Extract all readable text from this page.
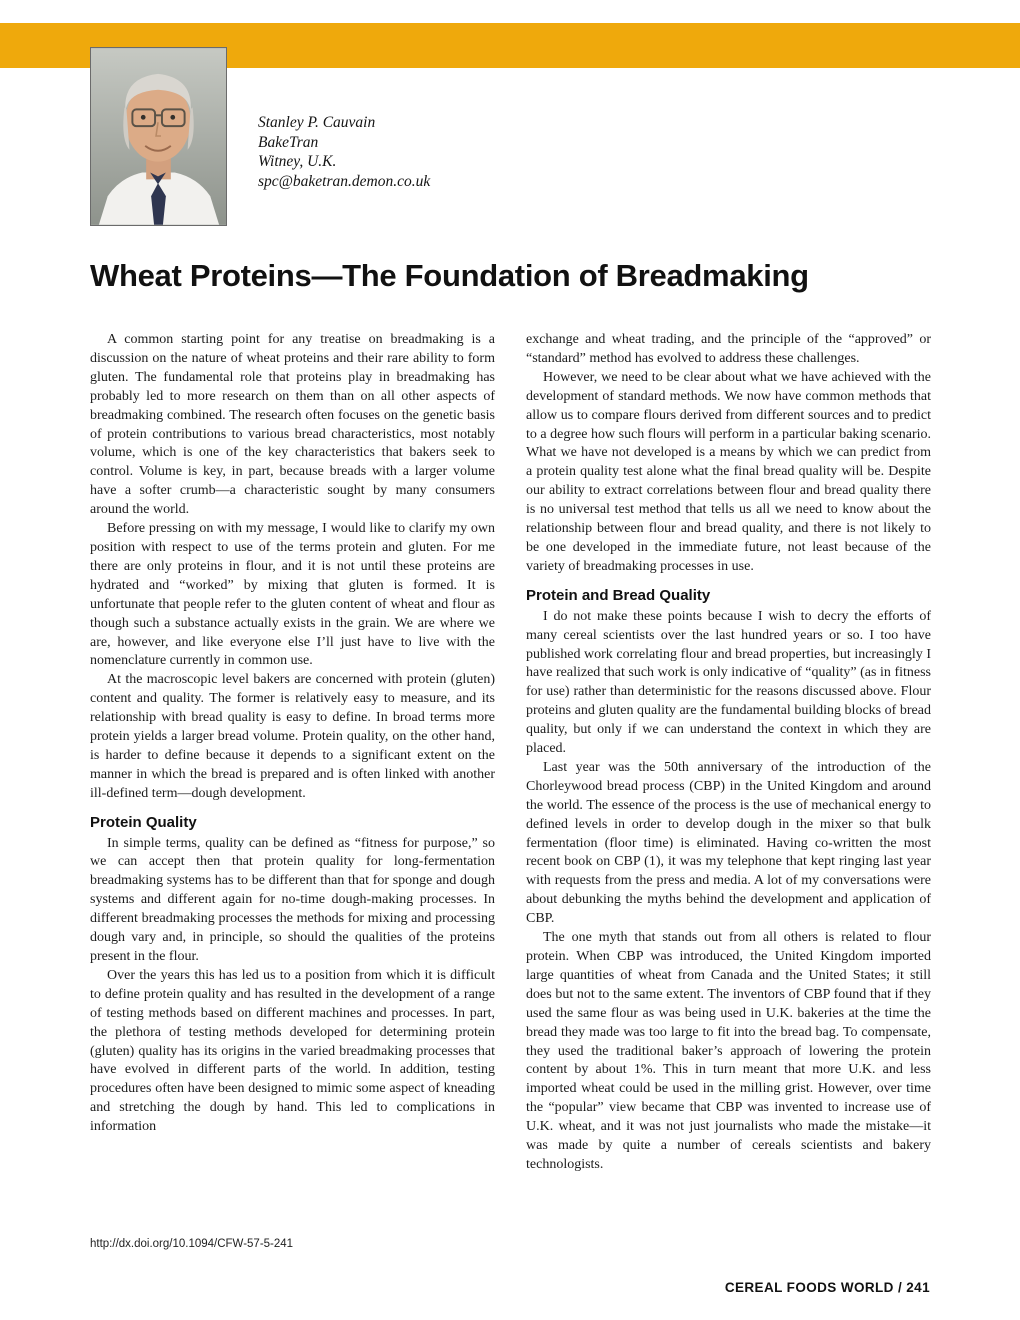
Stanley P. Cauvain
BakeTran
Witney, U.K.
spc@baketran.demon.co.uk
Wheat Proteins—The Foundation of Breadmaking

A common starting point for any treatise on breadmaking is a discussion on the nature of wheat proteins and their rare ability to form gluten. The fundamental role that proteins play in breadmaking has probably led to more research on them than on all other aspects of breadmaking combined. The research often focuses on the genetic basis of protein contributions to various bread characteristics, most notably volume, which is one of the key characteristics that bakers seek to control. Volume is key, in part, because breads with a larger volume have a softer crumb—a characteristic sought by many consumers around the world.

Before pressing on with my message, I would like to clarify my own position with respect to use of the terms protein and gluten. For me there are only proteins in flour, and it is not until these proteins are hydrated and “worked” by mixing that gluten is formed. It is unfortunate that people refer to the gluten content of wheat and flour as though such a substance actually exists in the grain. We are where we are, however, and like everyone else I’ll just have to live with the nomenclature currently in common use.

At the macroscopic level bakers are concerned with protein (gluten) content and quality. The former is relatively easy to measure, and its relationship with bread quality is easy to define. In broad terms more protein yields a larger bread volume. Protein quality, on the other hand, is harder to define because it depends to a significant extent on the manner in which the bread is prepared and is often linked with another ill-defined term—dough development.

Protein Quality

In simple terms, quality can be defined as “fitness for purpose,” so we can accept then that protein quality for long-fermentation breadmaking systems has to be different than that for sponge and dough systems and different again for no-time dough-making processes. In different breadmaking processes the methods for mixing and processing dough vary and, in principle, so should the qualities of the proteins present in the flour.

Over the years this has led us to a position from which it is difficult to define protein quality and has resulted in the development of a range of testing methods based on different machines and processes. In part, the plethora of testing methods developed for determining protein (gluten) quality has its origins in the varied breadmaking processes that have evolved in different parts of the world. In addition, testing procedures often have been designed to mimic some aspect of kneading and stretching the dough by hand. This led to complications in information

exchange and wheat trading, and the principle of the “approved” or “standard” method has evolved to address these challenges.

However, we need to be clear about what we have achieved with the development of standard methods. We now have common methods that allow us to compare flours derived from different sources and to predict to a degree how such flours will perform in a particular baking scenario. What we have not developed is a means by which we can predict from a protein quality test alone what the final bread quality will be. Despite our ability to extract correlations between flour and bread quality there is no universal test method that tells us all we need to know about the relationship between flour and bread quality, and there is not likely to be one developed in the immediate future, not least because of the variety of breadmaking processes in use.

Protein and Bread Quality

I do not make these points because I wish to decry the efforts of many cereal scientists over the last hundred years or so. I too have published work correlating flour and bread properties, but increasingly I have realized that such work is only indicative of “quality” (as in fitness for use) rather than deterministic for the reasons discussed above. Flour proteins and gluten quality are the fundamental building blocks of bread quality, but only if we can understand the context in which they are placed.

Last year was the 50th anniversary of the introduction of the Chorleywood bread process (CBP) in the United Kingdom and around the world. The essence of the process is the use of mechanical energy to defined levels in order to develop dough in the mixer so that bulk fermentation (floor time) is eliminated. Having co-written the most recent book on CBP (1), it was my telephone that kept ringing last year with requests from the press and media. A lot of my conversations were about debunking the myths behind the development and application of CBP.

The one myth that stands out from all others is related to flour protein. When CBP was introduced, the United Kingdom imported large quantities of wheat from Canada and the United States; it still does but not to the same extent. The inventors of CBP found that if they used the same flour as was being used in U.K. bakeries at the time the bread they made was too large to fit into the bread bag. To compensate, they used the traditional baker’s approach of lowering the protein content by about 1%. This in turn meant that more U.K. and less imported wheat could be used in the milling grist. However, over time the “popular” view became that CBP was invented to increase use of U.K. wheat, and it was not just journalists who made the mistake—it was made by quite a number of cereals scientists and bakery technologists.

http://dx.doi.org/10.1094/CFW-57-5-241
CEREAL FOODS WORLD / 241
